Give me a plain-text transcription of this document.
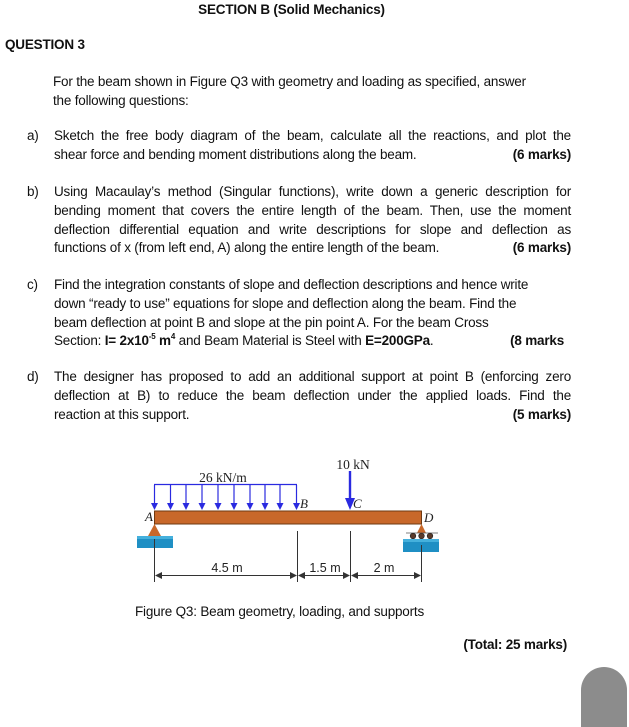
SECTION B (Solid Mechanics)
QUESTION 3
For the beam shown in Figure Q3 with geometry and loading as specified, answer
the following questions:
a) Sketch the free body diagram of the beam, calculate all the reactions, and plot the
shear force and bending moment distributions along the beam.	(6 marks)
b) Using Macaulay’s method (Singular functions), write down a generic description for
bending moment that covers the entire length of the beam. Then, use the moment
deflection differential equation and write descriptions for slope and deflection as
functions of x (from left end, A) along the entire length of the beam.	(6 marks)
c) Find the integration constants of slope and deflection descriptions and hence write
down “ready to use” equations for slope and deflection along the beam. Find the
beam deflection at point B and slope at the pin point A. For the beam Cross
Section: $I= 2x10^{-5}$ $m^4$ and Beam Material is Steel with E=200GPa.	(8 marks
d) The designer has proposed to add an additional support at point B (enforcing zero
deflection at B) to reduce the beam deflection under the applied loads. Find the
reaction at this support.	(5 marks)
26 kN/m
10 kN
A
B	C
D
4.5 m	1.5 m	2 m
Figure Q3: Beam geometry, loading, and supports
(Total: 25 marks)
